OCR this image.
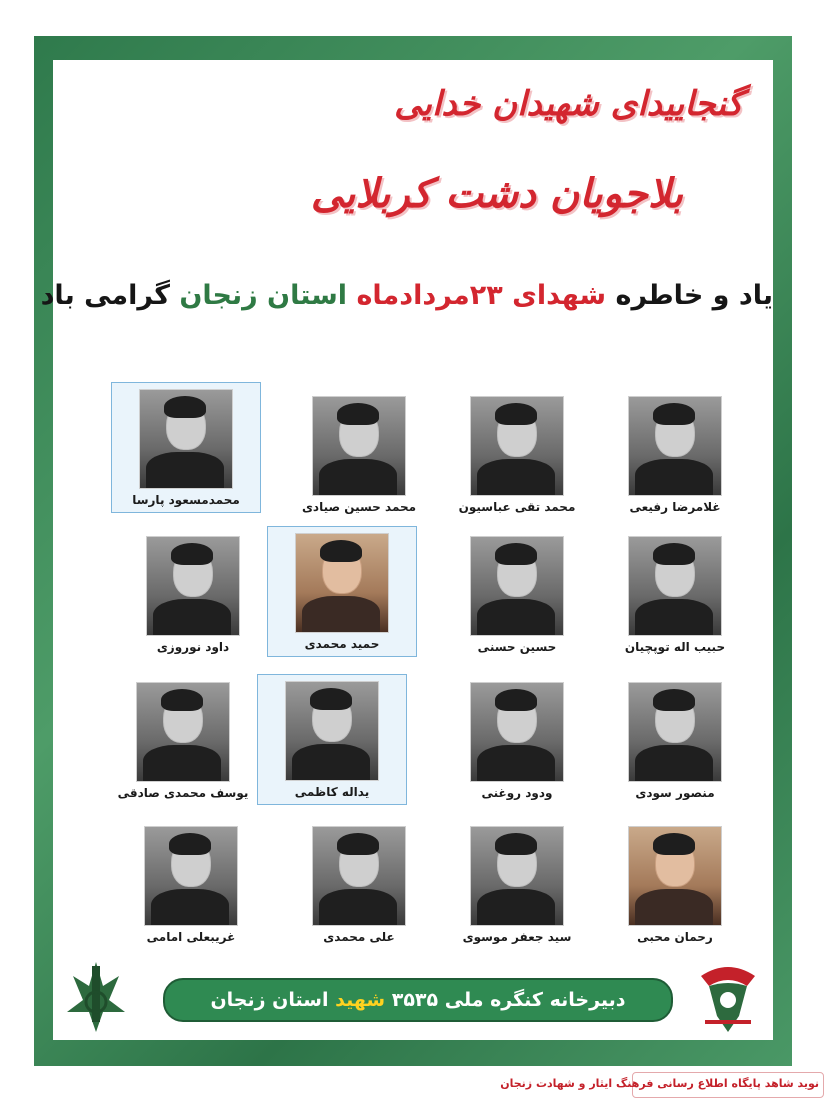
گنجاییدای شهیدان خدایی

بلاجویان دشت کربلایی

یاد و خاطره شهدای ۲۳مردادماه استان زنجان گرامی باد

غلامرضا رفیعی
محمد تقی عباسیون
محمد حسین صیادی
محمدمسعود پارسا
حبیب اله توپچیان
حسین حسنی
حمید محمدی
داود نوروزی
منصور سودی
ودود روغنی
یداله کاظمی
یوسف محمدی صادقی
رحمان محبی
سید جعفر موسوی
علی محمدی
غریبعلی امامی

دبیرخانه کنگره ملی ۳۵۳۵ شهید استان زنجان

نوید شاهد پایگاه اطلاع رسانی فرهنگ ایثار و شهادت زنجان
